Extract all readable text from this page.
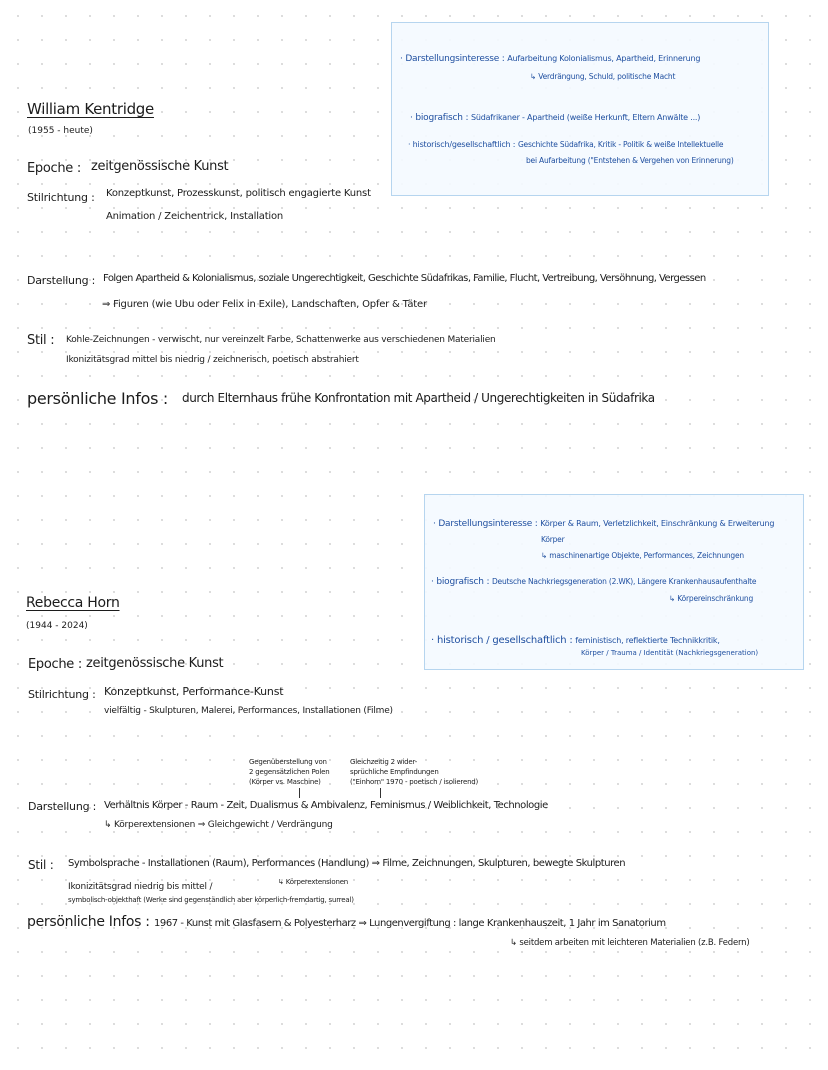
· Darstellungsinteresse : Aufarbeitung Kolonialismus, Apartheid, Erinnerung
↳ Verdrängung, Schuld, politische Macht
· biografisch : Südafrikaner - Apartheid (weiße Herkunft, Eltern Anwälte ...)
· historisch/gesellschaftlich : Geschichte Südafrika, Kritik - Politik & weiße Intellektuelle
bei Aufarbeitung ("Entstehen & Vergehen von Erinnerung)
William Kentridge
(1955 - heute)
Epoche : zeitgenössische Kunst
Stilrichtung : Konzeptkunst, Prozesskunst, politisch engagierte Kunst
Animation / Zeichentrick, Installation
Darstellung : Folgen Apartheid & Kolonialismus, soziale Ungerechtigkeit, Geschichte Südafrikas, Familie, Flucht, Vertreibung, Versöhnung, Vergessen
⇒ Figuren (wie Ubu oder Felix in Exile), Landschaften, Opfer & Täter
Stil : Kohle-Zeichnungen - verwischt, nur vereinzelt Farbe, Schattenwerke aus verschiedenen Materialien
Ikonizitätsgrad mittel bis niedrig / zeichnerisch, poetisch abstrahiert
persönliche Infos : durch Elternhaus frühe Konfrontation mit Apartheid / Ungerechtigkeiten in Südafrika
· Darstellungsinteresse : Körper & Raum, Verletzlichkeit, Einschränkung & Erweiterung
Körper
↳ maschinenartige Objekte, Performances, Zeichnungen
· biografisch : Deutsche Nachkriegsgeneration (2.WK), Längere Krankenhausaufenthalte
↳ Körpereinschränkung
· historisch / gesellschaftlich : feministisch, reflektierte Technikkritik,
Körper / Trauma / Identität (Nachkriegsgeneration)
Rebecca Horn
(1944 - 2024)
Epoche : zeitgenössische Kunst
Stilrichtung : Konzeptkunst, Performance-Kunst
vielfältig - Skulpturen, Malerei, Performances, Installationen (Filme)
Gegenüberstellung von
2 gegensätzlichen Polen
(Körper vs. Maschine)
Gleichzeitig 2 wider-
sprüchliche Empfindungen
("Einhorn" 1970 - poetisch / isolierend)
Darstellung : Verhältnis Körper - Raum - Zeit, Dualismus & Ambivalenz, Feminismus / Weiblichkeit, Technologie
↳ Körperextensionen ⇒ Gleichgewicht / Verdrängung
Stil : Symbolsprache - Installationen (Raum), Performances (Handlung) ⇒ Filme, Zeichnungen, Skulpturen, bewegte Skulpturen
↳ Körperextensionen
Ikonizitätsgrad niedrig bis mittel /
symbolisch-objekthaft (Werke sind gegenständlich aber körperlich-fremdartig, surreal)
persönliche Infos : 1967 - Kunst mit Glasfasern & Polyesterharz ⇒ Lungenvergiftung : lange Krankenhauszeit, 1 Jahr im Sanatorium
↳ seitdem arbeiten mit leichteren Materialien (z.B. Federn)
